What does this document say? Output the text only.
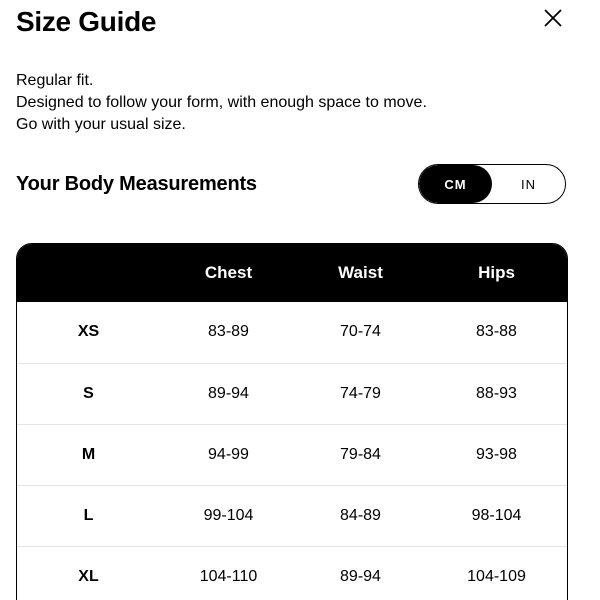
Size Guide
Regular fit.
Designed to follow your form, with enough space to move.
Go with your usual size.
Your Body Measurements	CM	IN
	Chest	Waist	Hips
XS	83-89	70-74	83-88
S	89-94	74-79	88-93
M	94-99	79-84	93-98
L	99-104	84-89	98-104
XL	104-110	89-94	104-109
